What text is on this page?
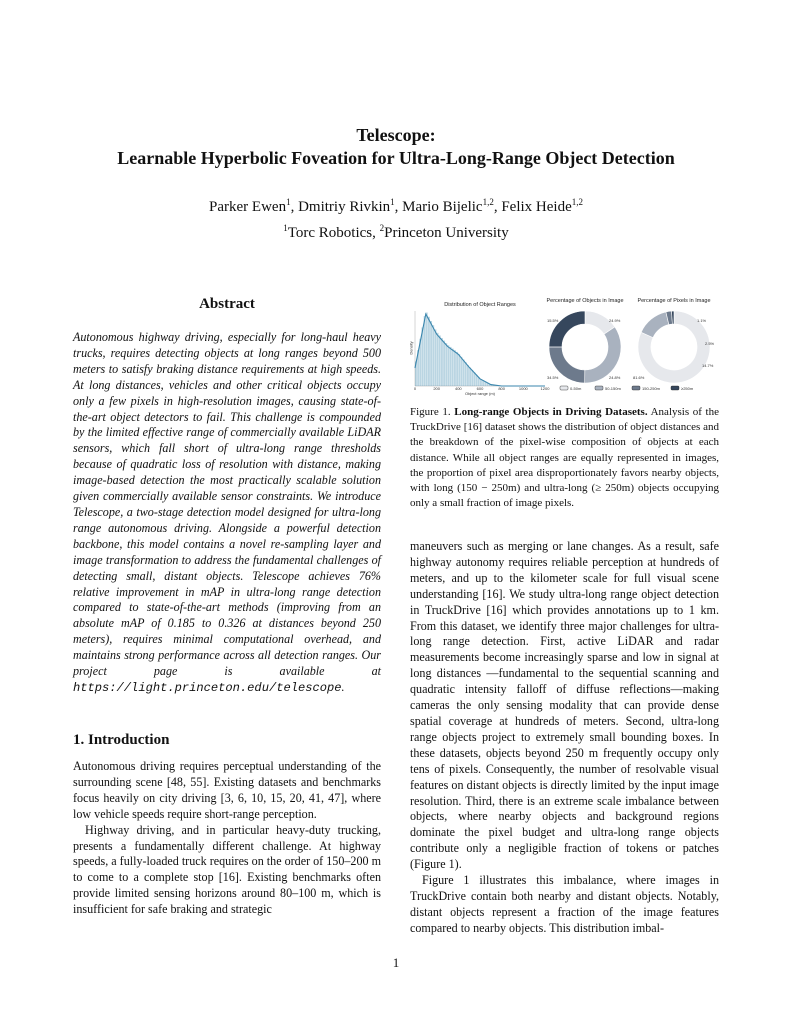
Telescope:
Learnable Hyperbolic Foveation for Ultra-Long-Range Object Detection
Parker Ewen$^1$, Dmitriy Rivkin$^1$, Mario Bijelic$^{1,2}$, Felix Heide$^{1,2}$
$^1$Torc Robotics, $^2$Princeton University
Abstract
Autonomous highway driving, especially for long-haul heavy trucks, requires detecting objects at long ranges beyond 500 meters to satisfy braking distance requirements at high speeds. At long distances, vehicles and other critical objects occupy only a few pixels in high-resolution images, causing state-of-the-art object detectors to fail. This challenge is compounded by the limited effective range of commercially available LiDAR sensors, which fall short of ultra-long range thresholds because of quadratic loss of resolution with distance, making image-based detection the most practically scalable solution given commercially available sensor constraints. We introduce Telescope, a two-stage detection model designed for ultra-long range autonomous driving. Alongside a powerful detection backbone, this model contains a novel re-sampling layer and image transformation to address the fundamental challenges of detecting small, distant objects. Telescope achieves 76% relative improvement in mAP in ultra-long range detection compared to state-of-the-art methods (improving from an absolute mAP of 0.185 to 0.326 at distances beyond 250 meters), requires minimal computational overhead, and maintains strong performance across all detection ranges. Our project page is available at https://light.princeton.edu/telescope.
1. Introduction

Autonomous driving requires perceptual understanding of the surrounding scene [48, 55]. Existing datasets and benchmarks focus heavily on city driving [3, 6, 10, 15, 20, 41, 47], where low vehicle speeds require short-range perception.

Highway driving, and in particular heavy-duty trucking, presents a fundamentally different challenge. At highway speeds, a fully-loaded truck requires on the order of 150–200 m to come to a complete stop [16]. Existing benchmarks often provide limited sensing horizons around 80–100 m, which is insufficient for safe braking and strategic

Distribution of Object Ranges
0	200	400	600	800	1000	1200
Object range (m)
Density
Percentage of Objects in Image
15.5%	24.9%
34.5%	24.8%
Percentage of Pixels in Image
1.1%
2.5%
14.7%
81.6%
0-50m	50-150m	150-250m	≥250m
Figure 1. Long-range Objects in Driving Datasets. Analysis of the TruckDrive [16] dataset shows the distribution of object distances and the breakdown of the pixel-wise composition of objects at each distance. While all object ranges are equally represented in images, the proportion of pixel area disproportionately favors nearby objects, with long (150 − 250m) and ultra-long (≥ 250m) objects occupying only a small fraction of image pixels.

maneuvers such as merging or lane changes. As a result, safe highway autonomy requires reliable perception at hundreds of meters, and up to the kilometer scale for full visual scene understanding [16]. We study ultra-long range object detection in TruckDrive [16] which provides annotations up to 1 km. From this dataset, we identify three major challenges for ultra-long range detection. First, active LiDAR and radar measurements become increasingly sparse and low in signal at long distances —fundamental to the sequential scanning and quadratic intensity falloff of diffuse reflections—making cameras the only sensing modality that can provide dense spatial coverage at hundreds of meters. Second, ultra-long range objects project to extremely small bounding boxes. In these datasets, objects beyond 250 m frequently occupy only tens of pixels. Consequently, the number of resolvable visual features on distant objects is directly limited by the input image resolution. Third, there is an extreme scale imbalance between objects, where nearby objects and background regions dominate the pixel budget and ultra-long range objects contribute only a negligible fraction of tokens or patches (Figure 1).

Figure 1 illustrates this imbalance, where images in TruckDrive contain both nearby and distant objects. Notably, distant objects represent a fraction of the image features compared to nearby objects. This distribution imbal-

1
